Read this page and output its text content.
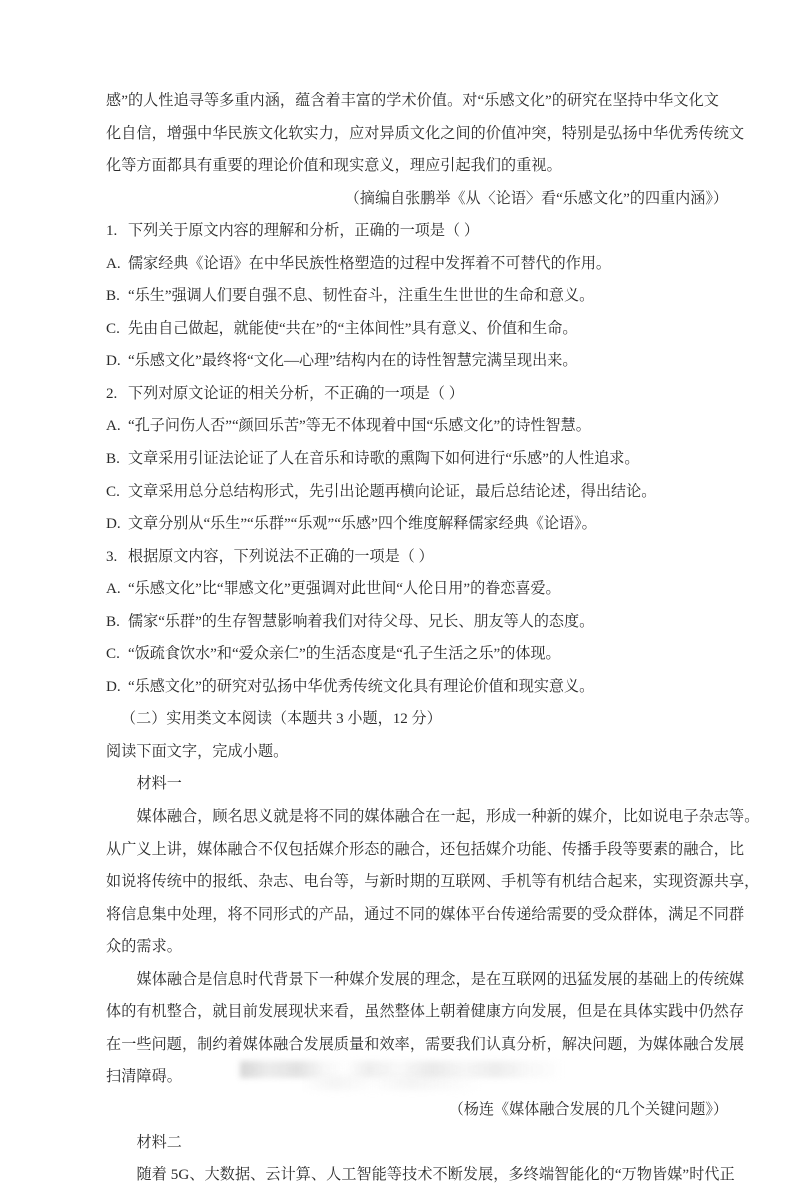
感”的人性追寻等多重内涵，蕴含着丰富的学术价值。对“乐感文化”的研究在坚持中华文化文
化自信，增强中华民族文化软实力，应对异质文化之间的价值冲突，特别是弘扬中华优秀传统文
化等方面都具有重要的理论价值和现实意义，理应引起我们的重视。
（摘编自张鹏举《从〈论语〉看“乐感文化”的四重内涵》）
1. 下列关于原文内容的理解和分析，正确的一项是（ ）
A. 儒家经典《论语》在中华民族性格塑造的过程中发挥着不可替代的作用。
B. “乐生”强调人们要自强不息、韧性奋斗，注重生生世世的生命和意义。
C. 先由自己做起，就能使“共在”的“主体间性”具有意义、价值和生命。
D. “乐感文化”最终将“文化—心理”结构内在的诗性智慧完满呈现出来。
2. 下列对原文论证的相关分析，不正确的一项是（ ）
A. “孔子问伤人否”“颜回乐苦”等无不体现着中国“乐感文化”的诗性智慧。
B. 文章采用引证法论证了人在音乐和诗歌的熏陶下如何进行“乐感”的人性追求。
C. 文章采用总分总结构形式，先引出论题再横向论证，最后总结论述，得出结论。
D. 文章分别从“乐生”“乐群”“乐观”“乐感”四个维度解释儒家经典《论语》。
3. 根据原文内容，下列说法不正确的一项是（ ）
A. “乐感文化”比“罪感文化”更强调对此世间“人伦日用”的眷恋喜爱。
B. 儒家“乐群”的生存智慧影响着我们对待父母、兄长、朋友等人的态度。
C. “饭疏食饮水”和“爱众亲仁”的生活态度是“孔子生活之乐”的体现。
D. “乐感文化”的研究对弘扬中华优秀传统文化具有理论价值和现实意义。
（二）实用类文本阅读（本题共 3 小题，12 分）
阅读下面文字，完成小题。
材料一
媒体融合，顾名思义就是将不同的媒体融合在一起，形成一种新的媒介，比如说电子杂志等。
从广义上讲，媒体融合不仅包括媒介形态的融合，还包括媒介功能、传播手段等要素的融合，比
如说将传统中的报纸、杂志、电台等，与新时期的互联网、手机等有机结合起来，实现资源共享，
将信息集中处理，将不同形式的产品，通过不同的媒体平台传递给需要的受众群体，满足不同群
众的需求。
媒体融合是信息时代背景下一种媒介发展的理念，是在互联网的迅猛发展的基础上的传统媒
体的有机整合，就目前发展现状来看，虽然整体上朝着健康方向发展，但是在具体实践中仍然存
在一些问题，制约着媒体融合发展质量和效率，需要我们认真分析，解决问题，为媒体融合发展
扫清障碍。
（杨连《媒体融合发展的几个关键问题》）
材料二
随着 5G、大数据、云计算、人工智能等技术不断发展，多终端智能化的“万物皆媒”时代正
